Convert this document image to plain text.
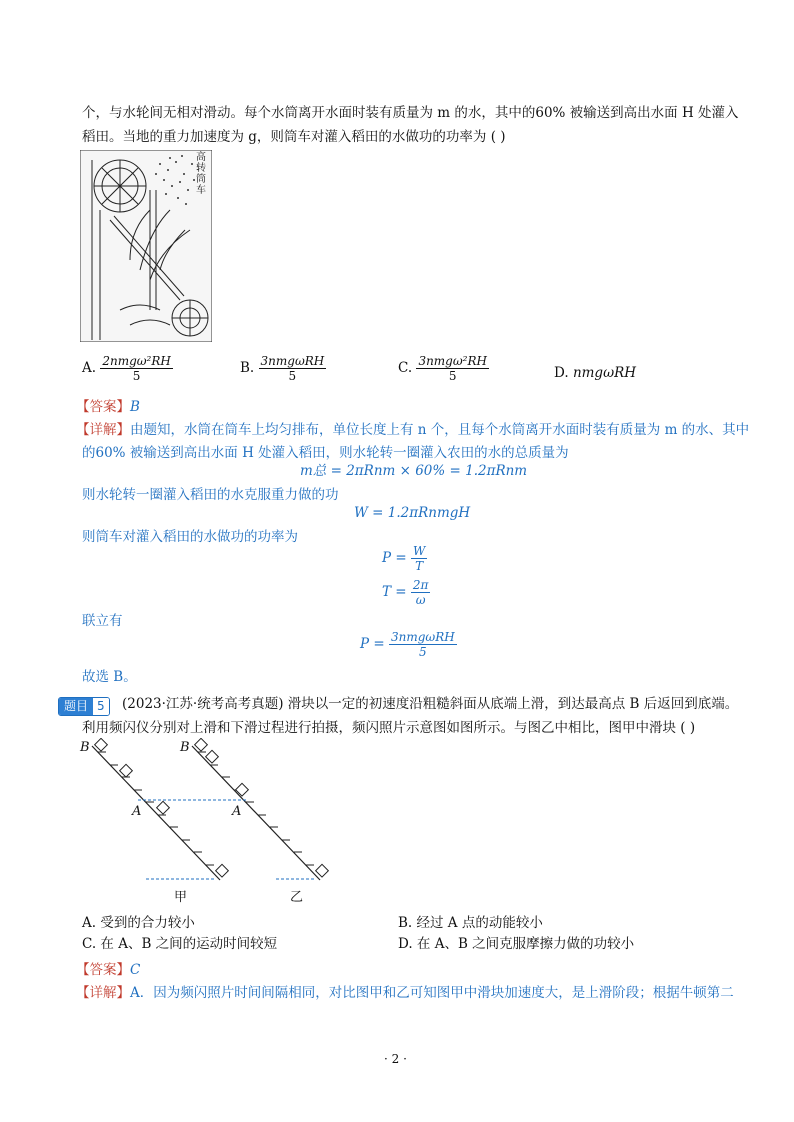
个，与水轮间无相对滑动。每个水筒离开水面时装有质量为 m 的水，其中的60% 被输送到高出水面 H 处灌入
稻田。当地的重力加速度为 g，则筒车对灌入稻田的水做功的功率为 ( )
高转筒车
A. $\frac{\text{2nmgω²RH}}{5}$	B. $\frac{\text{3nmgωRH}}{5}$	C. $\frac{\text{3nmgω²RH}}{5}$	D. nmgωRH
【答案】B
【详解】由题知，水筒在筒车上均匀排布，单位长度上有 n 个，且每个水筒离开水面时装有质量为 m 的水、其中
的60% 被输送到高出水面 H 处灌入稻田，则水轮转一圈灌入农田的水的总质量为
m总 = 2πRnm × 60% = 1.2πRnm
则水轮转一圈灌入稻田的水克服重力做的功
W = 1.2πRnmgH
则筒车对灌入稻田的水做功的功率为
$P = \frac{W}{T}$
$T = \frac{2\pi}{\omega}$
联立有
$P = \frac{\text{3nmgωRH}}{5}$
故选 B。
题目 5 (2023·江苏·统考高考真题) 滑块以一定的初速度沿粗糙斜面从底端上滑，到达最高点 B 后返回到底端。
利用频闪仪分别对上滑和下滑过程进行拍摄，频闪照片示意图如图所示。与图乙中相比，图甲中滑块 ( )
B
A
B
A
甲	乙
A. 受到的合力较小	B. 经过 A 点的动能较小
C. 在 A、B 之间的运动时间较短	D. 在 A、B 之间克服摩擦力做的功较小
【答案】C
【详解】A．因为频闪照片时间间隔相同，对比图甲和乙可知图甲中滑块加速度大，是上滑阶段；根据牛顿第二
· 2 ·
